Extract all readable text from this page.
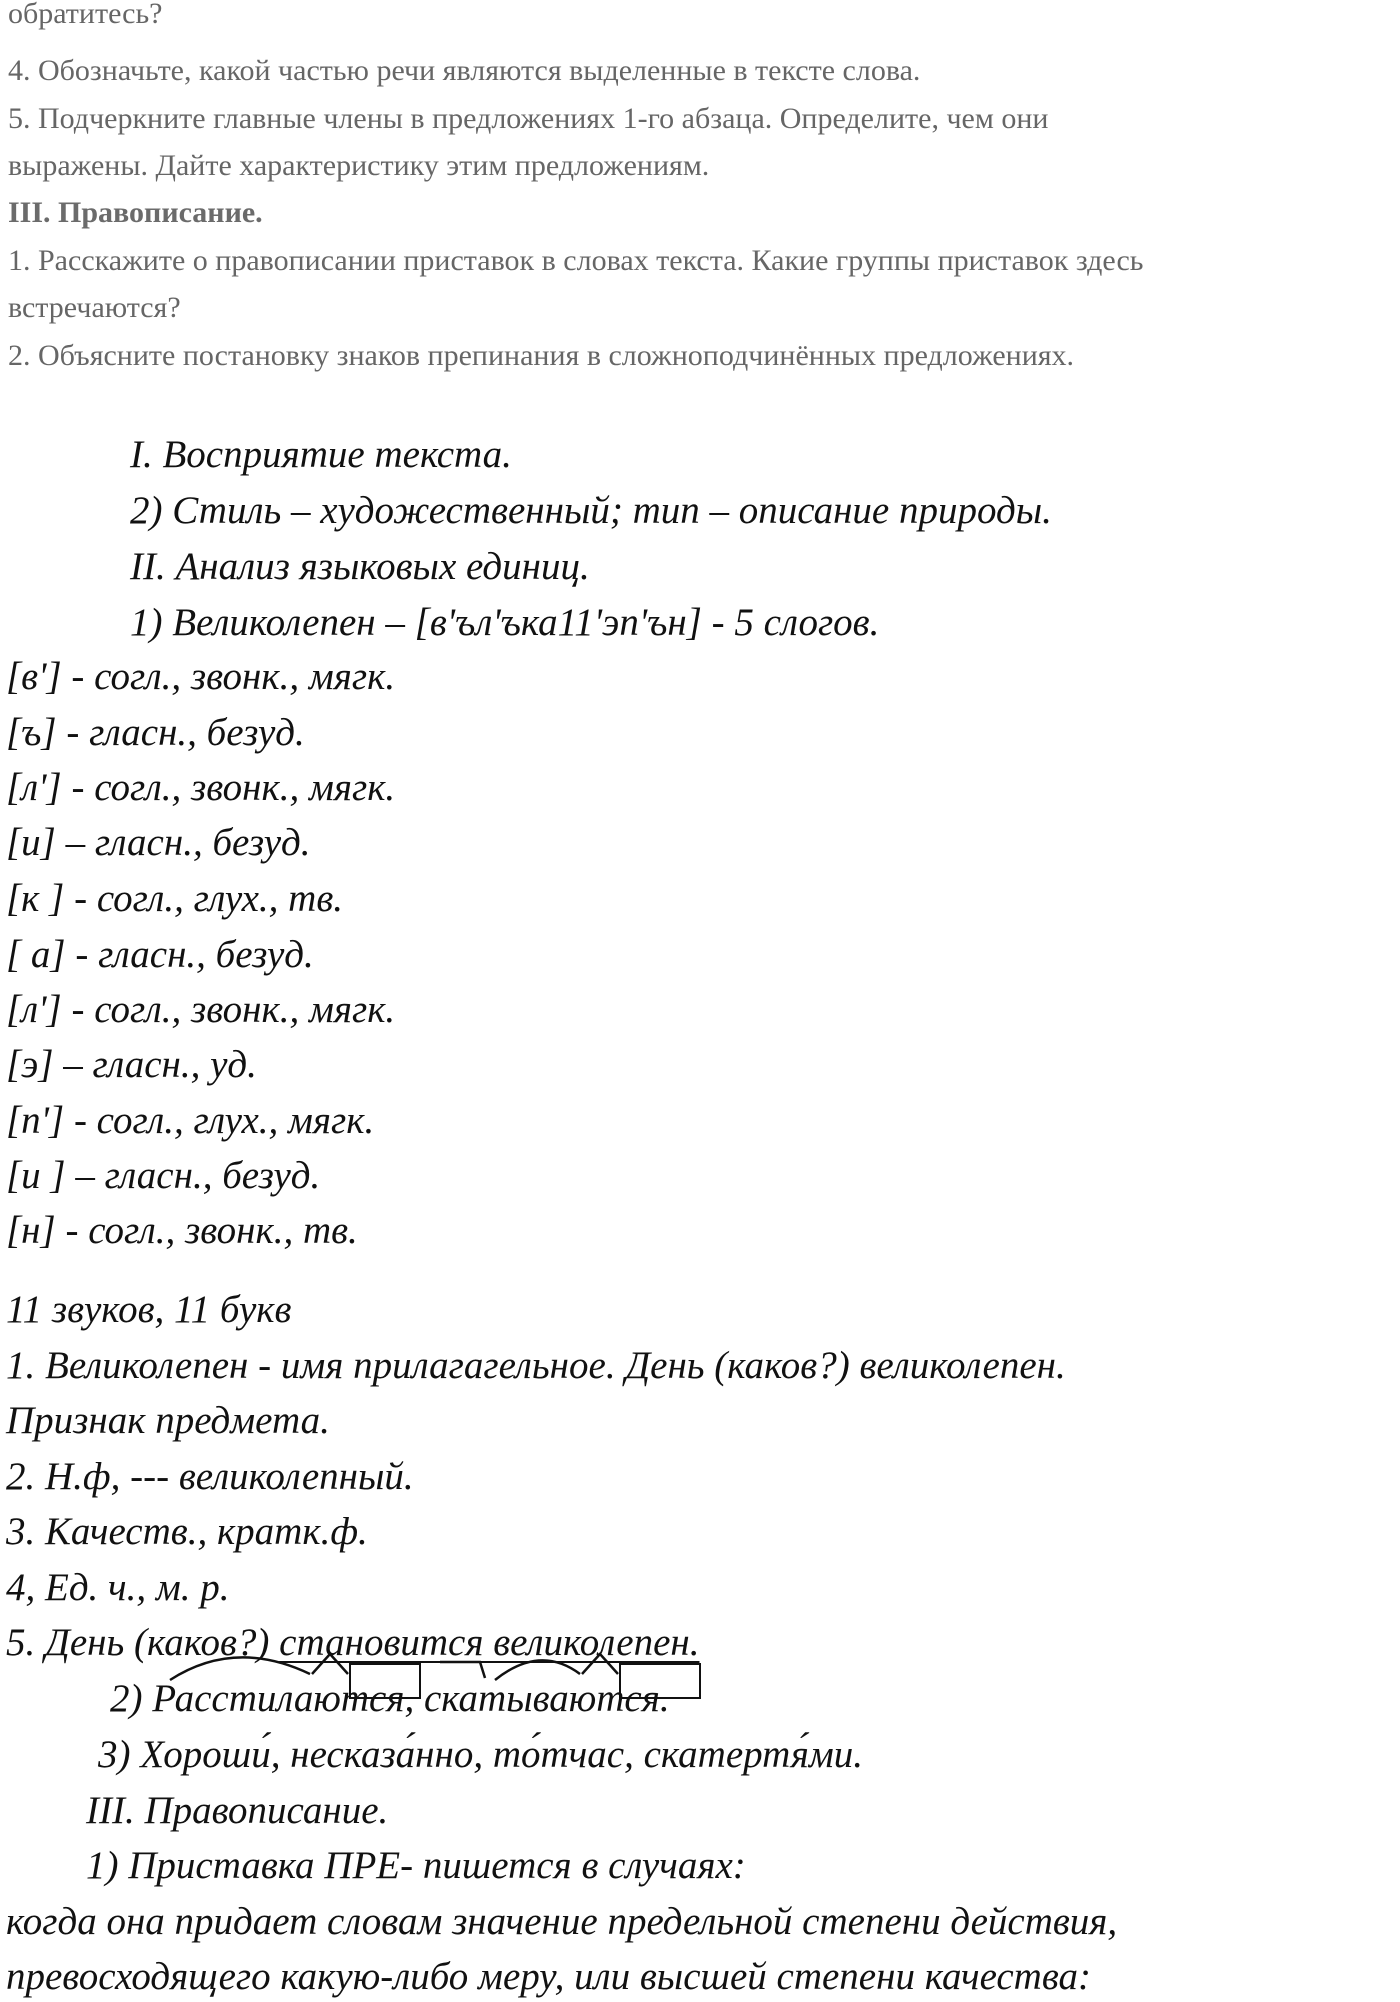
обратитесь?
4. Обозначьте, какой частью речи являются выделенные в тексте слова.
5. Подчеркните главные члены в предложениях 1-го абзаца. Определите, чем они
выражены. Дайте характеристику этим предложениям.
III. Правописание.
1. Расскажите о правописании приставок в словах текста. Какие группы приставок здесь
встречаются?
2. Объясните постановку знаков препинания в сложноподчинённых предложениях.
I. Восприятие текста.
2) Стиль – художественный; тип – описание природы.
II. Анализ языковых единиц.
1) Великолепен – [в'ъл'ъка11'эп'ън] - 5 слогов.
[в'] - согл., звонк., мягк.
[ъ] - гласн., безуд.
[л'] - согл., звонк., мягк.
[и] – гласн., безуд.
[к ] - согл., глух., тв.
[ а] - гласн., безуд.
[л'] - согл., звонк., мягк.
[э] – гласн., уд.
[п'] - согл., глух., мягк.
[и ] – гласн., безуд.
[н] - согл., звонк., тв.
11 звуков, 11 букв
1. Великолепен - имя прилагагельное. День (каков?) великолепен.
Признак предмета.
2. Н.ф, --- великолепный.
3. Качеств., кратк.ф.
4, Ед. ч., м. р.
5. День (каков?) становится великолепен.
2) Расстилаются, скатываются.
3) Хороши́, несказа́нно, то́тчас, скатертя́ми.
III. Правописание.
1) Приставка ПРЕ- пишется в случаях:
когда она придает словам значение предельной степени действия,
превосходящего какую-либо меру, или высшей степени качества:
